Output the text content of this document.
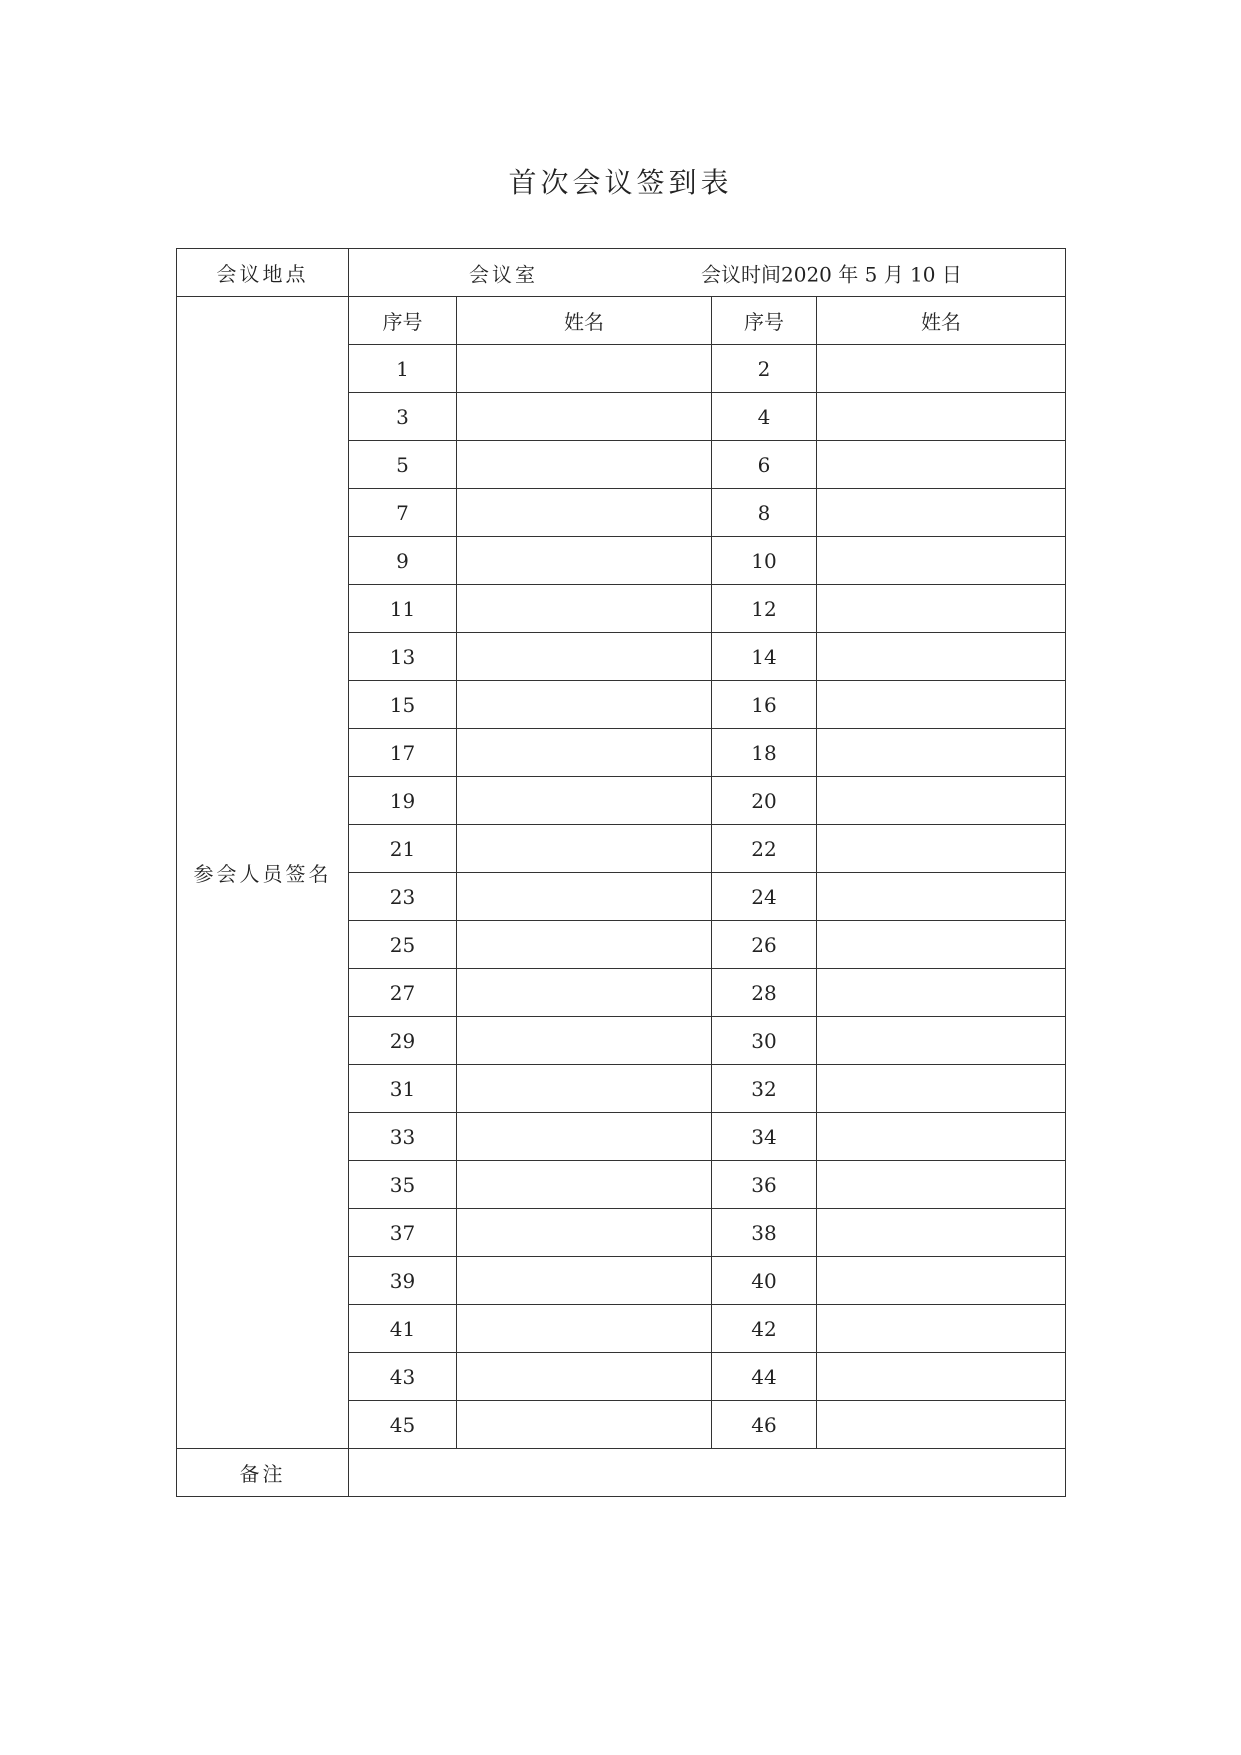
首次会议签到表
会议地点	会议室 会议时间2020 年 5 月 10 日			

参会人员签名	序号	姓名	序号	姓名
	1		2	
	3		4	
	5		6	
	7		8	
	9		10	
	11		12	
	13		14	
	15		16	
	17		18	
	19		20	
	21		22	
	23		24	
	25		26	
	27		28	
	29		30	
	31		32	
	33		34	
	35		36	
	37		38	
	39		40	
	41		42	
	43		44	
	45		46	
备注				
